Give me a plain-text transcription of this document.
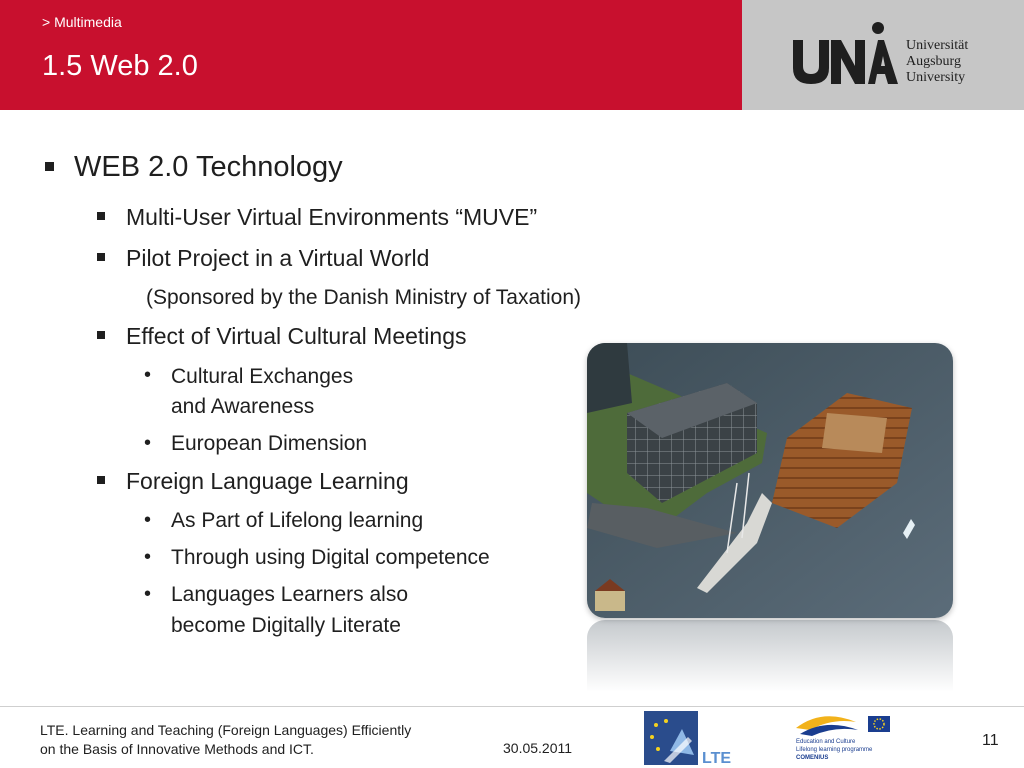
> Multimedia
1.5 Web 2.0
Universität
Augsburg
University
WEB 2.0 Technology
Multi-User Virtual Environments “MUVE”
Pilot Project in a Virtual World
(Sponsored by the Danish Ministry of Taxation)
Effect of Virtual Cultural Meetings
• Cultural Exchanges
and Awareness
• European Dimension
Foreign Language Learning
• As Part of Lifelong learning
• Through using Digital competence
• Languages Learners also
become Digitally Literate
LTE. Learning and Teaching (Foreign Languages) Efficiently
on the Basis of Innovative Methods and ICT.	30.05.2011
LTE
Education and Culture
Lifelong learning programme
COMENIUS
11
